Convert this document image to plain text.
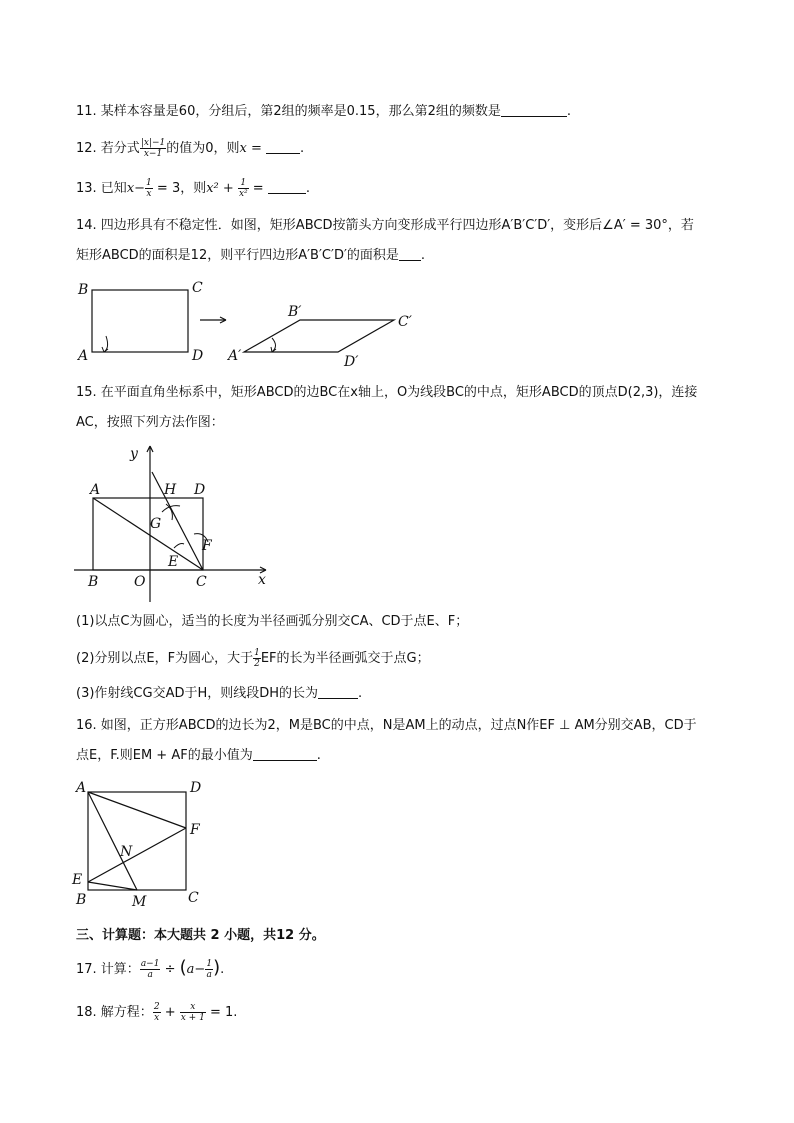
11. 某样本容量是60，分组后，第2组的频率是0.15，那么第2组的频数是	.
12. 若分式 $\frac{|x|-1}{x-1}$ 的值为0，则x =	.
13. 已知$x- \frac{1}{x} = 3$，则$x^2 + \frac{1}{\text{x²}}$ =	.
14. 四边形具有不稳定性．如图，矩形ABCD按箭头方向变形成平行四边形A′B′C′D′，变形后∠A′ = 30°，若
矩形ABCD的面积是12，则平行四边形A′B′C′D′的面积是 .
B	C
A	D
B′
C′
A′	D′
15. 在平面直角坐标系中，矩形ABCD的边BC在x轴上，O为线段BC的中点，矩形ABCD的顶点D(2,3)，连接
AC，按照下列方法作图：
y
x
A	H D
G
F
E
B	O	C
(1)以点C为圆心，适当的长度为半径画弧分别交CA、CD于点E、F；
(2)分别以点E，F为圆心，大于 $\frac{1}{2}$ EF的长为半径画弧交于点G；
(3)作射线CG交AD于H，则线段DH的长为	.
16. 如图，正方形ABCD的边长为2，M是BC的中点，N是AM上的动点，过点N作EF ⊥ AM分别交AB，CD于
点E，F.则EM + AF的最小值为	.
A	D
F
N
E
B	M	C
三、计算题：本大题共 2 小题，共12 分。
17. 计算： $\frac{a-1}{a} \div (a- \frac{1}{a}$ ).
18. 解方程： $\frac{2}{x} + \frac{x}{x + 1} = 1$.
